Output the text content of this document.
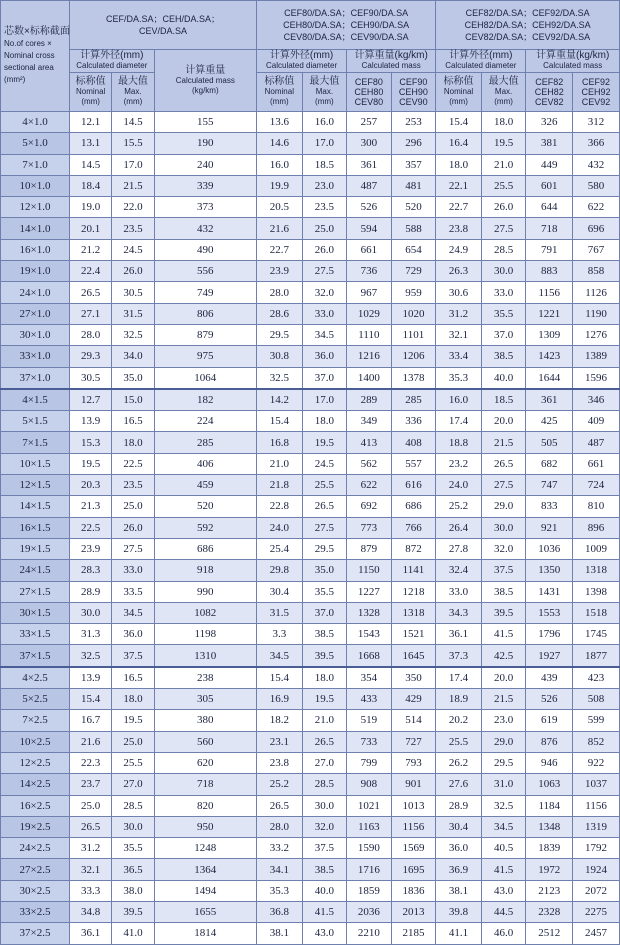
芯数×标称截面
No.of cores × Nominal cross sectional area
(mm²)	CEF/DA.SA；CEH/DA.SA；
CEV/DA.SA			CEF80/DA.SA；CEF90/DA.SA
CEH80/DA.SA；CEH90/DA.SA
CEV80/DA.SA；CEV90/DA.SA				CEF82/DA.SA；CEF92/DA.SA
CEH82/DA.SA；CEH92/DA.SA
CEV82/DA.SA；CEV92/DA.SA			

	计算外径(mm)
Calculated diameter		计算重量
Calculated mass
(kg/km)	计算外径(mm)
Calculated diameter		计算重量(kg/km)
Calculated mass		计算外径(mm)
Calculated diameter		计算重量(kg/km)
Calculated mass	

	标称值
Nominal
(mm)	最大值
Max.
(mm)		标称值
Nominal
(mm)	最大值
Max.
(mm)	CEF80
CEH80
CEV80	CEF90
CEH90
CEV90	标称值
Nominal
(mm)	最大值
Max.
(mm)	CEF82
CEH82
CEV82	CEF92
CEH92
CEV92

4×1.0	12.1	14.5	155	13.6	16.0	257	253	15.4	18.0	326	312
5×1.0	13.1	15.5	190	14.6	17.0	300	296	16.4	19.5	381	366
7×1.0	14.5	17.0	240	16.0	18.5	361	357	18.0	21.0	449	432
10×1.0	18.4	21.5	339	19.9	23.0	487	481	22.1	25.5	601	580
12×1.0	19.0	22.0	373	20.5	23.5	526	520	22.7	26.0	644	622
14×1.0	20.1	23.5	432	21.6	25.0	594	588	23.8	27.5	718	696
16×1.0	21.2	24.5	490	22.7	26.0	661	654	24.9	28.5	791	767
19×1.0	22.4	26.0	556	23.9	27.5	736	729	26.3	30.0	883	858
24×1.0	26.5	30.5	749	28.0	32.0	967	959	30.6	33.0	1156	1126
27×1.0	27.1	31.5	806	28.6	33.0	1029	1020	31.2	35.5	1221	1190
30×1.0	28.0	32.5	879	29.5	34.5	1110	1101	32.1	37.0	1309	1276
33×1.0	29.3	34.0	975	30.8	36.0	1216	1206	33.4	38.5	1423	1389
37×1.0	30.5	35.0	1064	32.5	37.0	1400	1378	35.3	40.0	1644	1596
4×1.5	12.7	15.0	182	14.2	17.0	289	285	16.0	18.5	361	346
5×1.5	13.9	16.5	224	15.4	18.0	349	336	17.4	20.0	425	409
7×1.5	15.3	18.0	285	16.8	19.5	413	408	18.8	21.5	505	487
10×1.5	19.5	22.5	406	21.0	24.5	562	557	23.2	26.5	682	661
12×1.5	20.3	23.5	459	21.8	25.5	622	616	24.0	27.5	747	724
14×1.5	21.3	25.0	520	22.8	26.5	692	686	25.2	29.0	833	810
16×1.5	22.5	26.0	592	24.0	27.5	773	766	26.4	30.0	921	896
19×1.5	23.9	27.5	686	25.4	29.5	879	872	27.8	32.0	1036	1009
24×1.5	28.3	33.0	918	29.8	35.0	1150	1141	32.4	37.5	1350	1318
27×1.5	28.9	33.5	990	30.4	35.5	1227	1218	33.0	38.5	1431	1398
30×1.5	30.0	34.5	1082	31.5	37.0	1328	1318	34.3	39.5	1553	1518
33×1.5	31.3	36.0	1198	3.3	38.5	1543	1521	36.1	41.5	1796	1745
37×1.5	32.5	37.5	1310	34.5	39.5	1668	1645	37.3	42.5	1927	1877
4×2.5	13.9	16.5	238	15.4	18.0	354	350	17.4	20.0	439	423
5×2.5	15.4	18.0	305	16.9	19.5	433	429	18.9	21.5	526	508
7×2.5	16.7	19.5	380	18.2	21.0	519	514	20.2	23.0	619	599
10×2.5	21.6	25.0	560	23.1	26.5	733	727	25.5	29.0	876	852
12×2.5	22.3	25.5	620	23.8	27.0	799	793	26.2	29.5	946	922
14×2.5	23.7	27.0	718	25.2	28.5	908	901	27.6	31.0	1063	1037
16×2.5	25.0	28.5	820	26.5	30.0	1021	1013	28.9	32.5	1184	1156
19×2.5	26.5	30.0	950	28.0	32.0	1163	1156	30.4	34.5	1348	1319
24×2.5	31.2	35.5	1248	33.2	37.5	1590	1569	36.0	40.5	1839	1792
27×2.5	32.1	36.5	1364	34.1	38.5	1716	1695	36.9	41.5	1972	1924
30×2.5	33.3	38.0	1494	35.3	40.0	1859	1836	38.1	43.0	2123	2072
33×2.5	34.8	39.5	1655	36.8	41.5	2036	2013	39.8	44.5	2328	2275
37×2.5	36.1	41.0	1814	38.1	43.0	2210	2185	41.1	46.0	2512	2457
